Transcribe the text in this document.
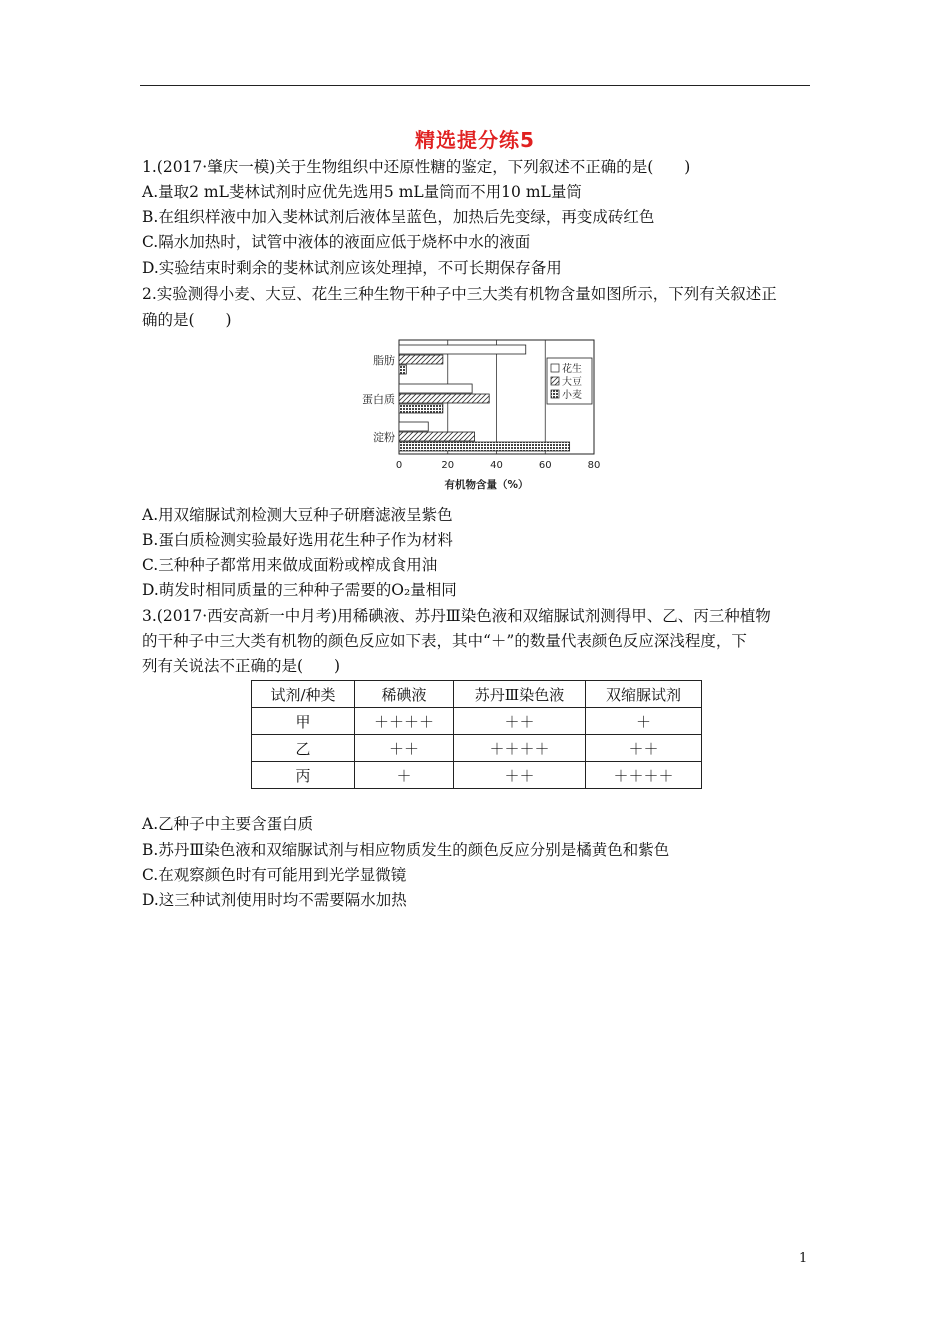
精选提分练5
1.(2017·肇庆一模)关于生物组织中还原性糖的鉴定，下列叙述不正确的是(　　)
A.量取2 mL斐林试剂时应优先选用5 mL量筒而不用10 mL量筒
B.在组织样液中加入斐林试剂后液体呈蓝色，加热后先变绿，再变成砖红色
C.隔水加热时，试管中液体的液面应低于烧杯中水的液面
D.实验结束时剩余的斐林试剂应该处理掉，不可长期保存备用
2.实验测得小麦、大豆、花生三种生物干种子中三大类有机物含量如图所示，下列有关叙述正
确的是(　　)
0	20	40	60	80
有机物含量（%）
脂肪
蛋白质
淀粉
花生
大豆
小麦
A.用双缩脲试剂检测大豆种子研磨滤液呈紫色
B.蛋白质检测实验最好选用花生种子作为材料
C.三种种子都常用来做成面粉或榨成食用油
D.萌发时相同质量的三种种子需要的O₂量相同
3.(2017·西安高新一中月考)用稀碘液、苏丹Ⅲ染色液和双缩脲试剂测得甲、乙、丙三种植物
的干种子中三大类有机物的颜色反应如下表，其中“＋”的数量代表颜色反应深浅程度，下
列有关说法不正确的是(　　)
试剂/种类	稀碘液	苏丹Ⅲ染色液	双缩脲试剂
甲	＋＋＋＋	＋＋	＋
乙	＋＋	＋＋＋＋	＋＋
丙	＋	＋＋	＋＋＋＋
A.乙种子中主要含蛋白质
B.苏丹Ⅲ染色液和双缩脲试剂与相应物质发生的颜色反应分别是橘黄色和紫色
C.在观察颜色时有可能用到光学显微镜
D.这三种试剂使用时均不需要隔水加热
1
